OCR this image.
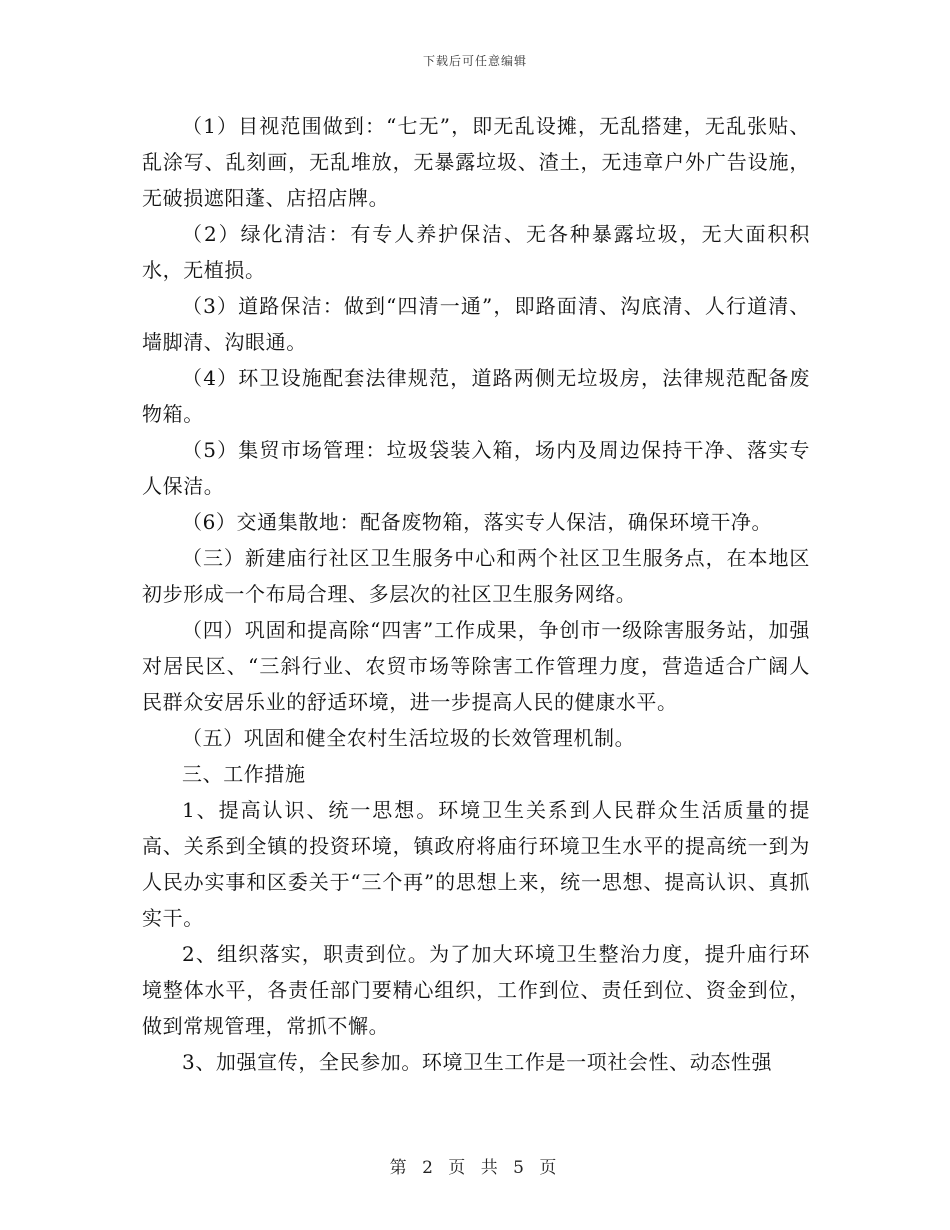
下载后可任意编辑

（1）目视范围做到：“七无”，即无乱设摊，无乱搭建，无乱张贴、乱涂写、乱刻画，无乱堆放，无暴露垃圾、渣土，无违章户外广告设施，无破损遮阳蓬、店招店牌。

（2）绿化清洁：有专人养护保洁、无各种暴露垃圾，无大面积积水，无植损。

（3）道路保洁：做到“四清一通”，即路面清、沟底清、人行道清、墙脚清、沟眼通。

（4）环卫设施配套法律规范，道路两侧无垃圾房，法律规范配备废物箱。

（5）集贸市场管理：垃圾袋装入箱，场内及周边保持干净、落实专人保洁。

（6）交通集散地：配备废物箱，落实专人保洁，确保环境干净。

（三）新建庙行社区卫生服务中心和两个社区卫生服务点，在本地区初步形成一个布局合理、多层次的社区卫生服务网络。

（四）巩固和提高除“四害”工作成果，争创市一级除害服务站，加强对居民区、“三斜行业、农贸市场等除害工作管理力度，营造适合广阔人民群众安居乐业的舒适环境，进一步提高人民的健康水平。

（五）巩固和健全农村生活垃圾的长效管理机制。

三、工作措施

1、提高认识、统一思想。环境卫生关系到人民群众生活质量的提高、关系到全镇的投资环境，镇政府将庙行环境卫生水平的提高统一到为人民办实事和区委关于“三个再”的思想上来，统一思想、提高认识、真抓实干。

2、组织落实，职责到位。为了加大环境卫生整治力度，提升庙行环境整体水平，各责任部门要精心组织，工作到位、责任到位、资金到位，做到常规管理，常抓不懈。

3、加强宣传，全民参加。环境卫生工作是一项社会性、动态性强

第 2 页 共 5 页
